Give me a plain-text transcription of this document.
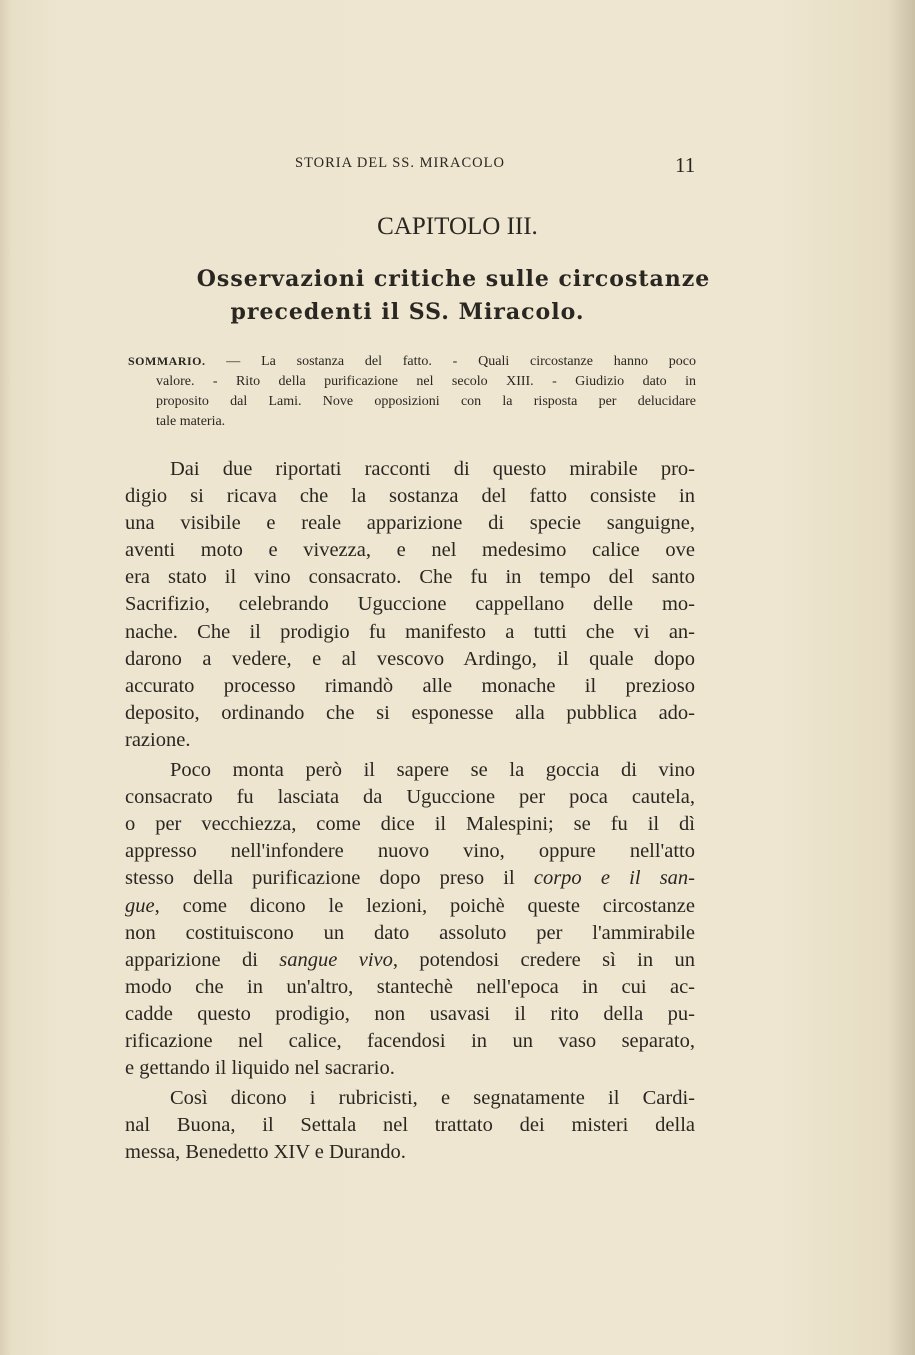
STORIA DEL SS. MIRACOLO	11
CAPITOLO III.
Osservazioni critiche sulle circostanze
precedenti il SS. Miracolo.
SOMMARIO. — La sostanza del fatto. - Quali circostanze hanno poco
valore. - Rito della purificazione nel secolo XIII. - Giudizio dato in
proposito dal Lami. Nove opposizioni con la risposta per delucidare
tale materia.
Dai due riportati racconti di questo mirabile pro-
digio si ricava che la sostanza del fatto consiste in
una visibile e reale apparizione di specie sanguigne,
aventi moto e vivezza, e nel medesimo calice ove
era stato il vino consacrato. Che fu in tempo del santo
Sacrifizio, celebrando Uguccione cappellano delle mo-
nache. Che il prodigio fu manifesto a tutti che vi an-
darono a vedere, e al vescovo Ardingo, il quale dopo
accurato processo rimandò alle monache il prezioso
deposito, ordinando che si esponesse alla pubblica ado-
razione.
Poco monta però il sapere se la goccia di vino
consacrato fu lasciata da Uguccione per poca cautela,
o per vecchiezza, come dice il Malespini; se fu il dì
appresso nell'infondere nuovo vino, oppure nell'atto
stesso della purificazione dopo preso il corpo e il san-
gue, come dicono le lezioni, poichè queste circostanze
non costituiscono un dato assoluto per l'ammirabile
apparizione di sangue vivo, potendosi credere sì in un
modo che in un'altro, stantechè nell'epoca in cui ac-
cadde questo prodigio, non usavasi il rito della pu-
rificazione nel calice, facendosi in un vaso separato,
e gettando il liquido nel sacrario.
Così dicono i rubricisti, e segnatamente il Cardi-
nal Buona, il Settala nel trattato dei misteri della
messa, Benedetto XIV e Durando.
